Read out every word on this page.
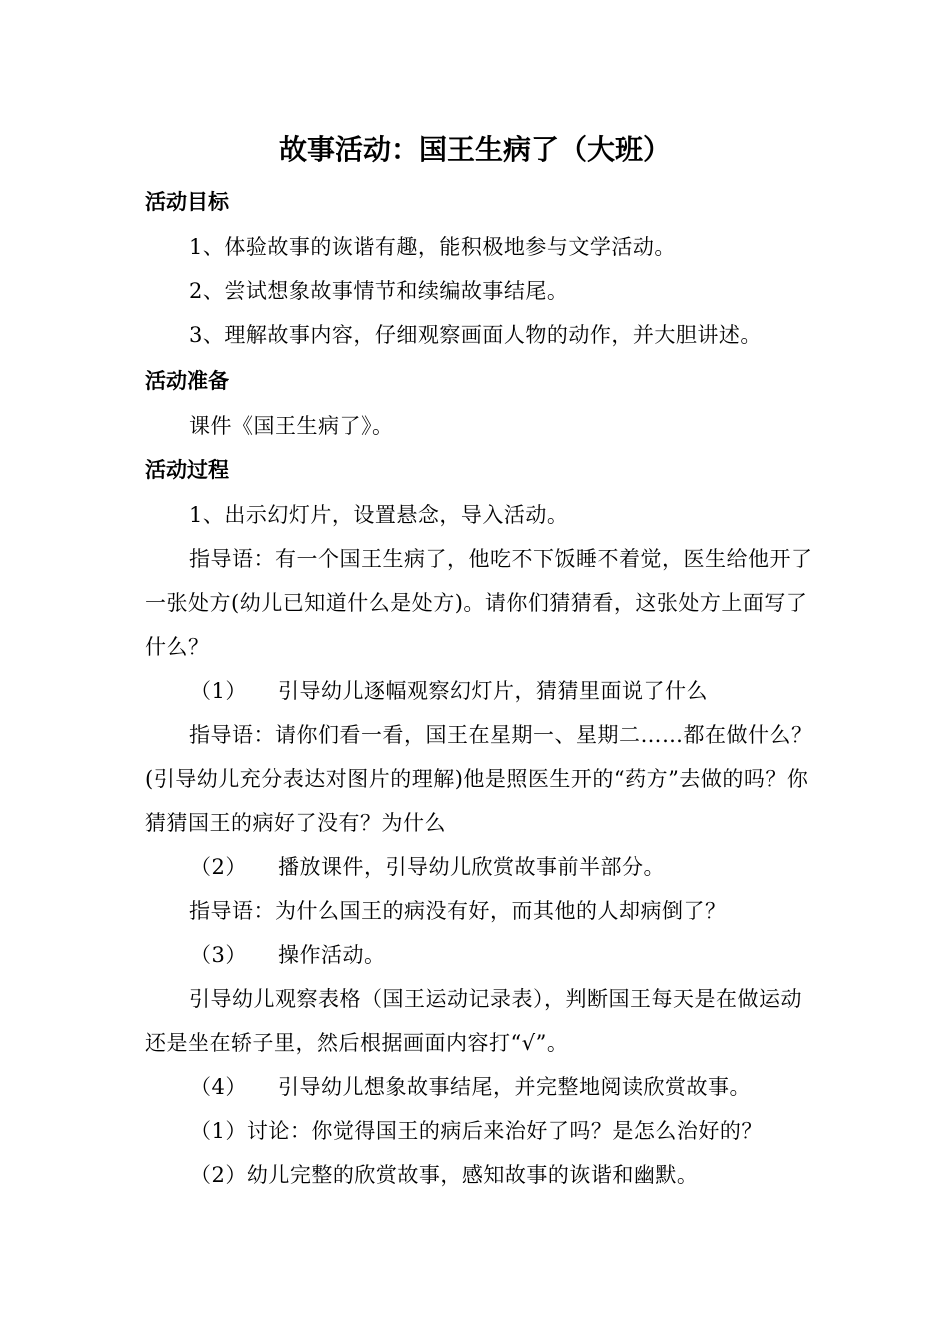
故事活动：国王生病了（大班）
活动目标

1、体验故事的诙谐有趣，能积极地参与文学活动。

2、尝试想象故事情节和续编故事结尾。

3、理解故事内容，仔细观察画面人物的动作，并大胆讲述。

活动准备

课件《国王生病了》。

活动过程

1、出示幻灯片，设置悬念，导入活动。

指导语：有一个国王生病了，他吃不下饭睡不着觉，医生给他开了一张处方(幼儿已知道什么是处方)。请你们猜猜看，这张处方上面写了什么？

（1） 引导幼儿逐幅观察幻灯片，猜猜里面说了什么

指导语：请你们看一看，国王在星期一、星期二……都在做什么？(引导幼儿充分表达对图片的理解)他是照医生开的“药方”去做的吗？你猜猜国王的病好了没有？为什么

（2） 播放课件，引导幼儿欣赏故事前半部分。

指导语：为什么国王的病没有好，而其他的人却病倒了？

（3） 操作活动。

引导幼儿观察表格（国王运动记录表），判断国王每天是在做运动还是坐在轿子里，然后根据画面内容打“√”。

（4） 引导幼儿想象故事结尾，并完整地阅读欣赏故事。

（1）讨论：你觉得国王的病后来治好了吗？是怎么治好的？

（2）幼儿完整的欣赏故事，感知故事的诙谐和幽默。
